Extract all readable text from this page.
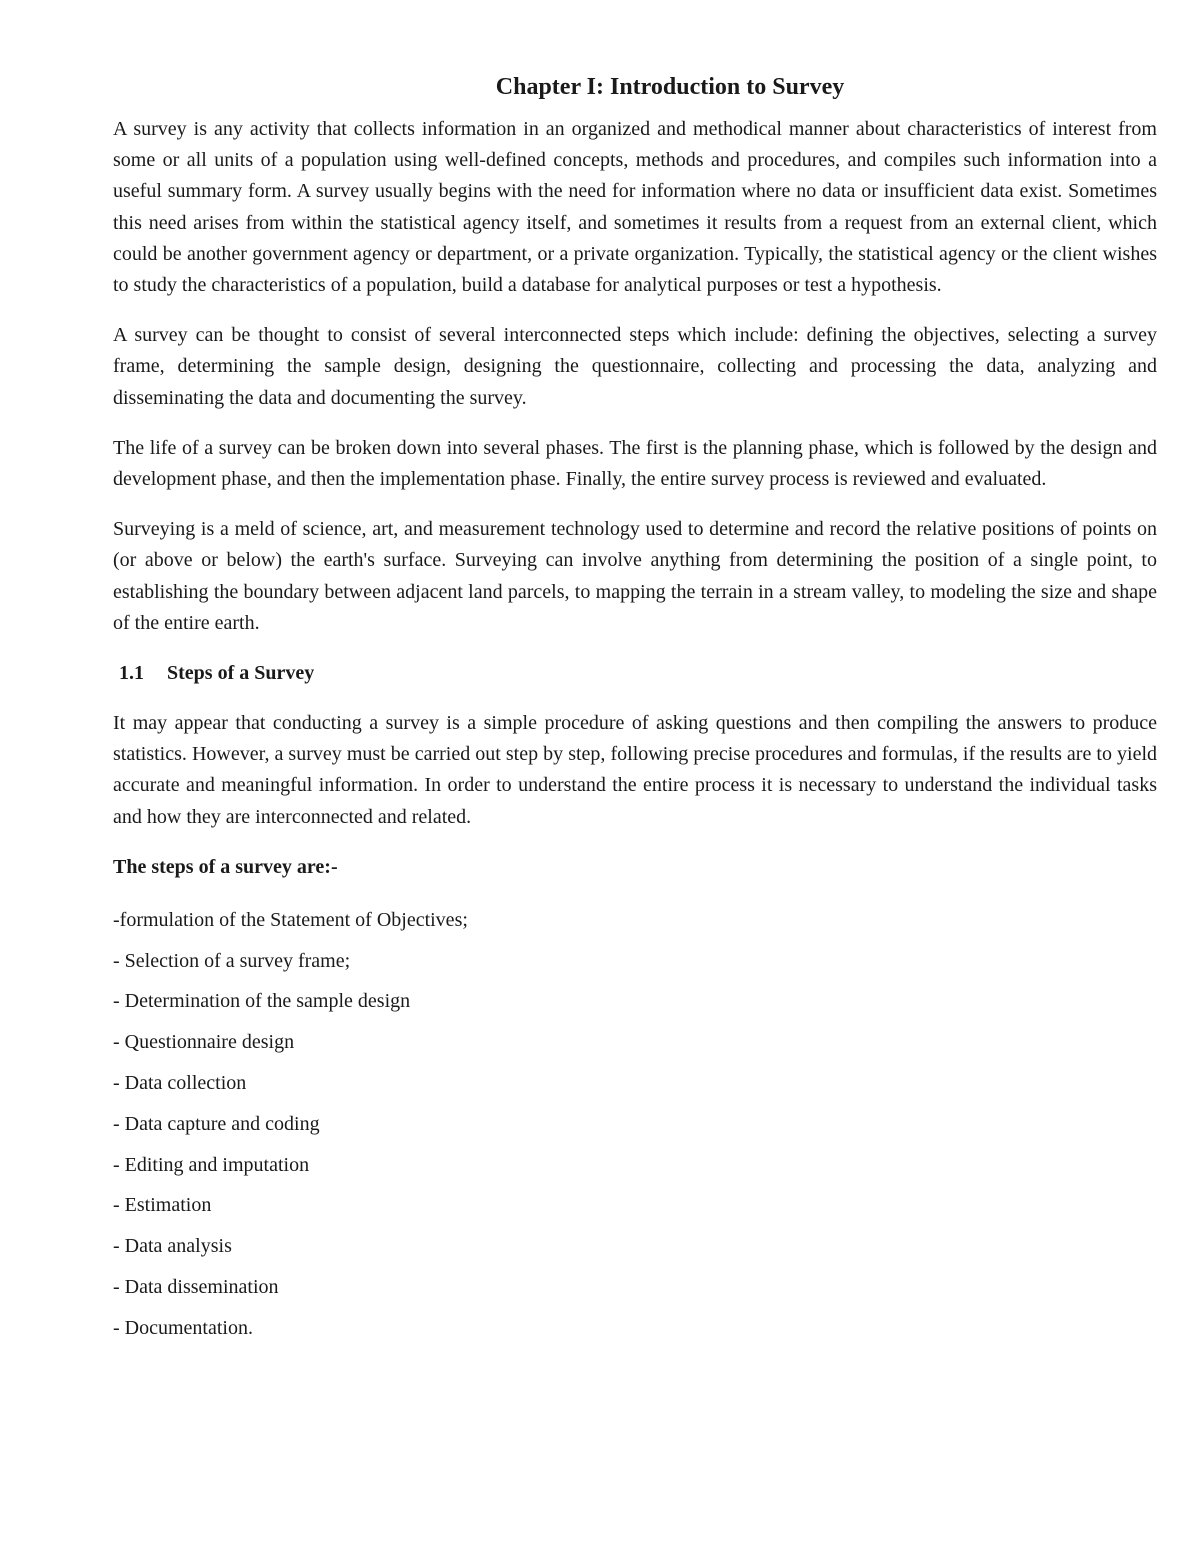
Chapter I: Introduction to Survey

A survey is any activity that collects information in an organized and methodical manner about characteristics of interest from some or all units of a population using well-defined concepts, methods and procedures, and compiles such information into a useful summary form. A survey usually begins with the need for information where no data or insufficient data exist. Sometimes this need arises from within the statistical agency itself, and sometimes it results from a request from an external client, which could be another government agency or department, or a private organization. Typically, the statistical agency or the client wishes to study the characteristics of a population, build a database for analytical purposes or test a hypothesis.

A survey can be thought to consist of several interconnected steps which include: defining the objectives, selecting a survey frame, determining the sample design, designing the questionnaire, collecting and processing the data, analyzing and disseminating the data and documenting the survey.

The life of a survey can be broken down into several phases. The first is the planning phase, which is followed by the design and development phase, and then the implementation phase. Finally, the entire survey process is reviewed and evaluated.

Surveying is a meld of science, art, and measurement technology used to determine and record the relative positions of points on (or above or below) the earth's surface. Surveying can involve anything from determining the position of a single point, to establishing the boundary between adjacent land parcels, to mapping the terrain in a stream valley, to modeling the size and shape of the entire earth.

1.1	Steps of a Survey

It may appear that conducting a survey is a simple procedure of asking questions and then compiling the answers to produce statistics. However, a survey must be carried out step by step, following precise procedures and formulas, if the results are to yield accurate and meaningful information. In order to understand the entire process it is necessary to understand the individual tasks and how they are interconnected and related.

The steps of a survey are:-
-formulation of the Statement of Objectives;
- Selection of a survey frame;
- Determination of the sample design
- Questionnaire design
- Data collection
- Data capture and coding
- Editing and imputation
- Estimation
- Data analysis
- Data dissemination
- Documentation.
